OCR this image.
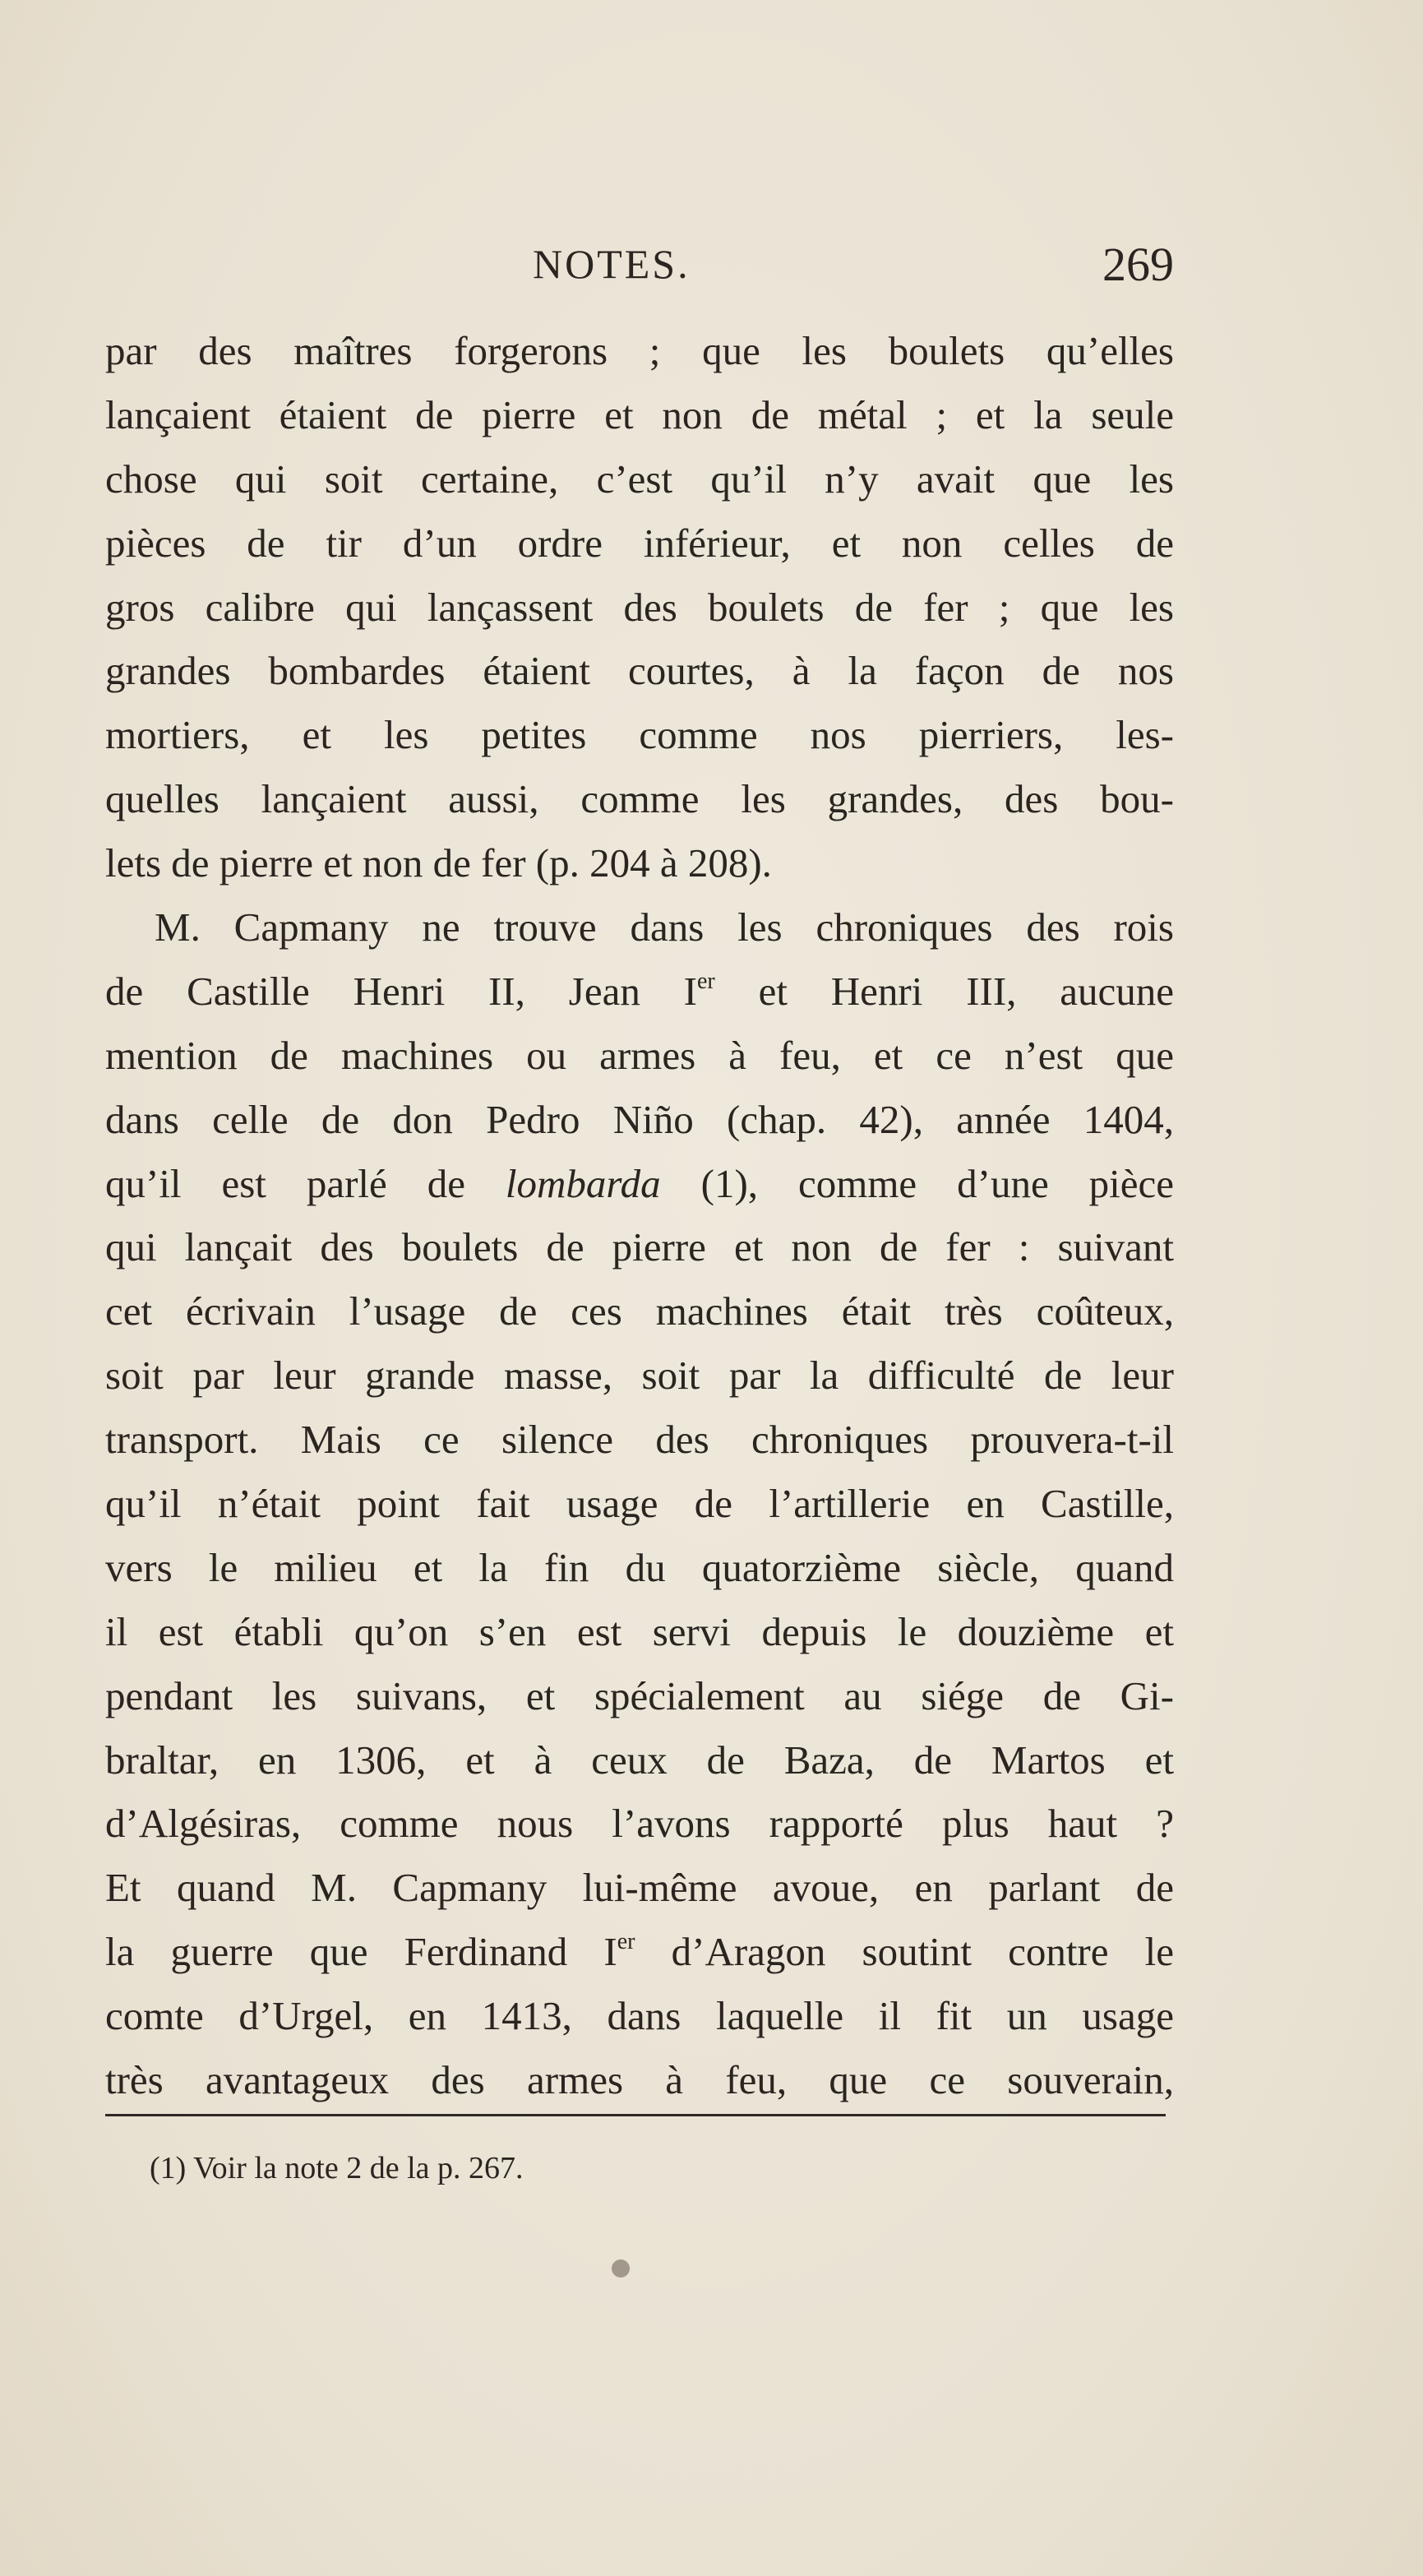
NOTES.	269
par des maîtres forgerons ; que les boulets qu’elles
lançaient étaient de pierre et non de métal ; et la seule
chose qui soit certaine, c’est qu’il n’y avait que les
pièces de tir d’un ordre inférieur, et non celles de
gros calibre qui lançassent des boulets de fer ; que les
grandes bombardes étaient courtes, à la façon de nos
mortiers, et les petites comme nos pierriers, les-
quelles lançaient aussi, comme les grandes, des bou-
lets de pierre et non de fer (p. 204 à 208).
M. Capmany ne trouve dans les chroniques des rois
de Castille Henri II, Jean Ier et Henri III, aucune
mention de machines ou armes à feu, et ce n’est que
dans celle de don Pedro Niño (chap. 42), année 1404,
qu’il est parlé de lombarda (1), comme d’une pièce
qui lançait des boulets de pierre et non de fer : suivant
cet écrivain l’usage de ces machines était très coûteux,
soit par leur grande masse, soit par la difficulté de leur
transport. Mais ce silence des chroniques prouvera-t-il
qu’il n’était point fait usage de l’artillerie en Castille,
vers le milieu et la fin du quatorzième siècle, quand
il est établi qu’on s’en est servi depuis le douzième et
pendant les suivans, et spécialement au siége de Gi-
braltar, en 1306, et à ceux de Baza, de Martos et
d’Algésiras, comme nous l’avons rapporté plus haut ?
Et quand M. Capmany lui-même avoue, en parlant de
la guerre que Ferdinand Ier d’Aragon soutint contre le
comte d’Urgel, en 1413, dans laquelle il fit un usage
très avantageux des armes à feu, que ce souverain,
(1) Voir la note 2 de la p. 267.
